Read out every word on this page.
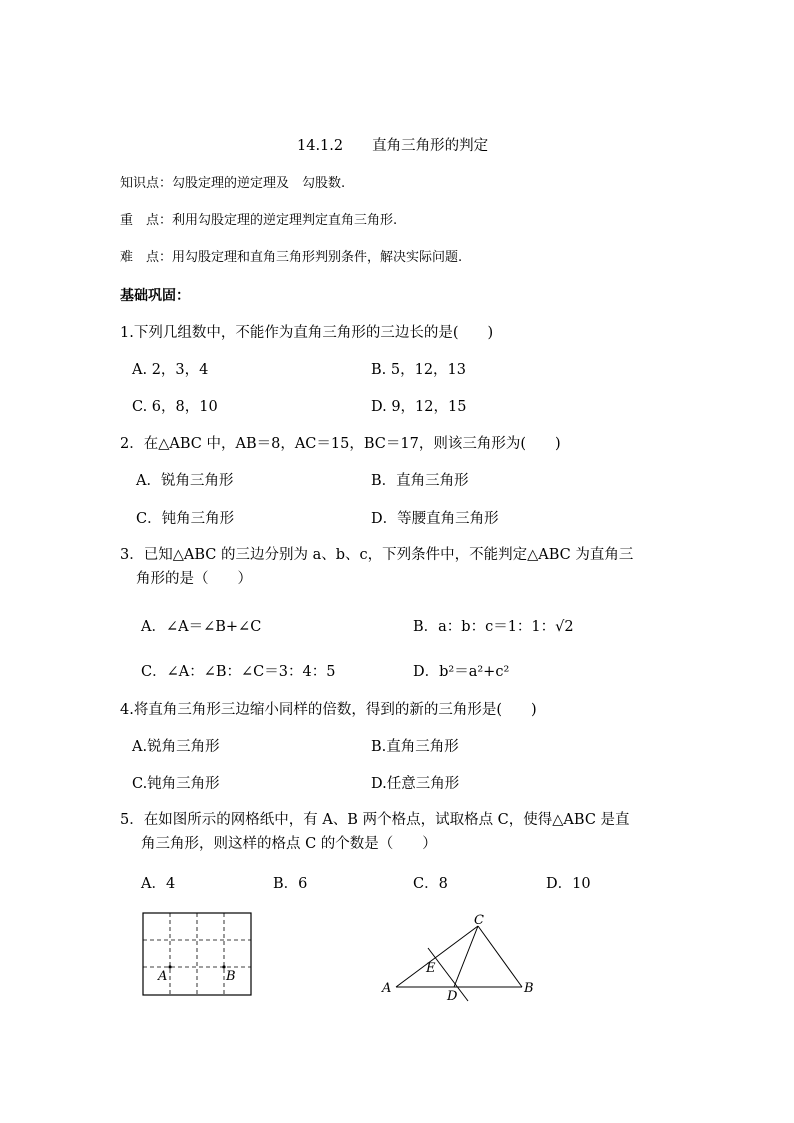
14.1.2　　直角三角形的判定
知识点：勾股定理的逆定理及　勾股数.
重　点：利用勾股定理的逆定理判定直角三角形.
难　点：用勾股定理和直角三角形判别条件，解决实际问题.
基础巩固：
1.下列几组数中，不能作为直角三角形的三边长的是(　　)
A. 2，3，4	B. 5，12，13
C. 6，8，10	D. 9，12，15
2．在△ABC 中，AB＝8，AC＝15，BC＝17，则该三角形为(　　)
A．锐角三角形	B．直角三角形
C．钝角三角形	D．等腰直角三角形
3．已知△ABC 的三边分别为 a、b、c，下列条件中，不能判定△ABC 为直角三
角形的是（　　）
A．∠A＝∠B+∠C	B．a：b：c＝1：1：√2
C．∠A：∠B：∠C＝3：4：5	D．b²＝a²+c²
4.将直角三角形三边缩小同样的倍数，得到的新的三角形是(　　)
A.锐角三角形	B.直角三角形
C.钝角三角形	D.任意三角形
5．在如图所示的网格纸中，有 A、B 两个格点，试取格点 C，使得△ABC 是直
角三角形，则这样的格点 C 的个数是（　　）
A．4	B．6	C．8	D．10
A	B
A	B
C
D
E
